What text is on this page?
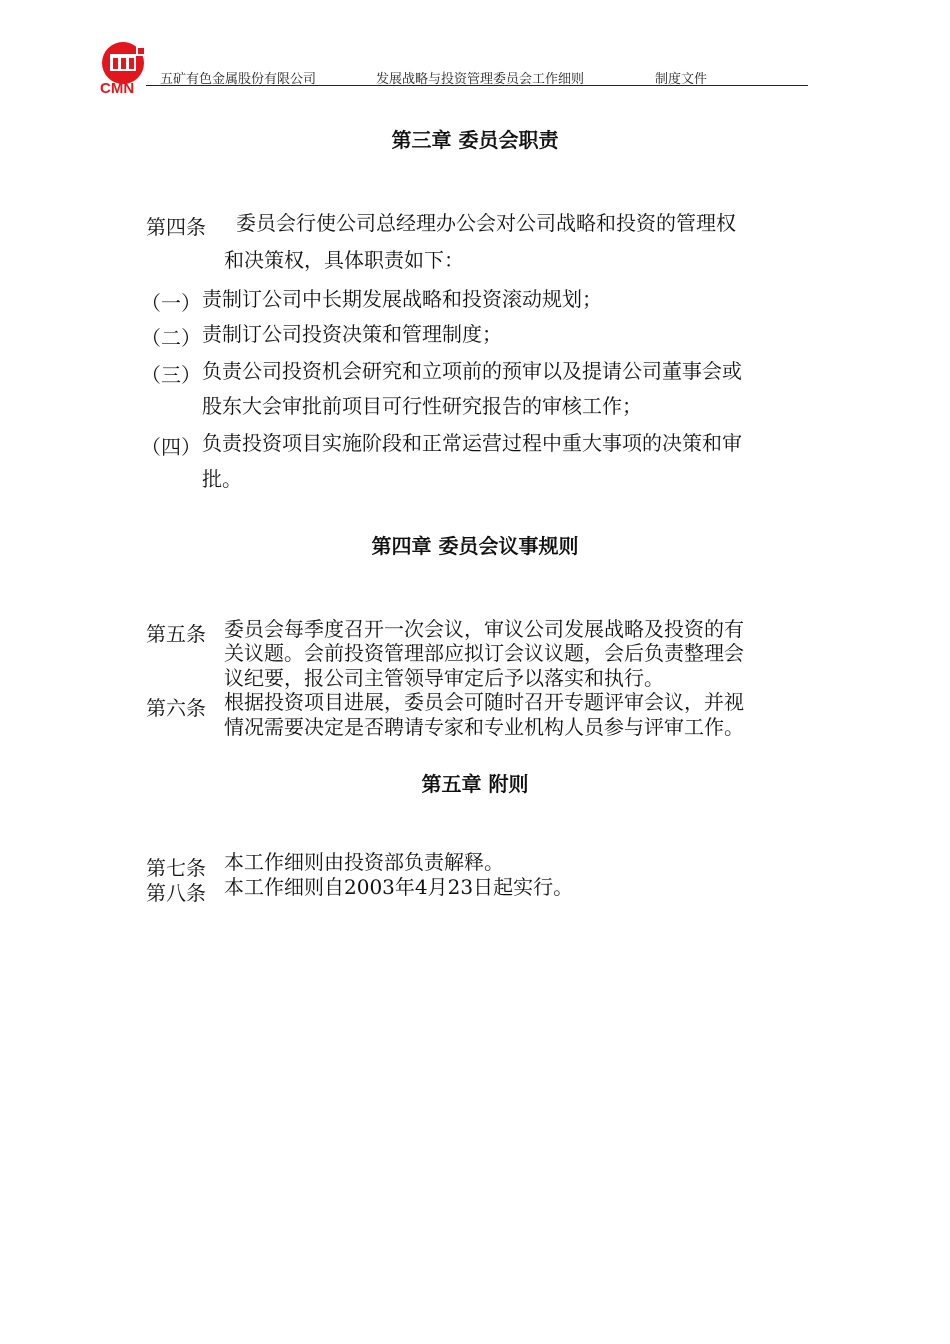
CMN
五矿有色金属股份有限公司	发展战略与投资管理委员会工作细则	制度文件
第三章 委员会职责
第四条 委员会行使公司总经理办公会对公司战略和投资的管理权
和决策权，具体职责如下：
（一） 责制订公司中长期发展战略和投资滚动规划；
（二） 责制订公司投资决策和管理制度；
（三） 负责公司投资机会研究和立项前的预审以及提请公司董事会或
股东大会审批前项目可行性研究报告的审核工作；
（四） 负责投资项目实施阶段和正常运营过程中重大事项的决策和审
批。
第四章 委员会议事规则
第五条 委员会每季度召开一次会议，审议公司发展战略及投资的有
关议题。会前投资管理部应拟订会议议题，会后负责整理会
议纪要，报公司主管领导审定后予以落实和执行。
第六条 根据投资项目进展，委员会可随时召开专题评审会议，并视
情况需要决定是否聘请专家和专业机构人员参与评审工作。
第五章 附则
第七条 本工作细则由投资部负责解释。
第八条 本工作细则自2003年4月23日起实行。
